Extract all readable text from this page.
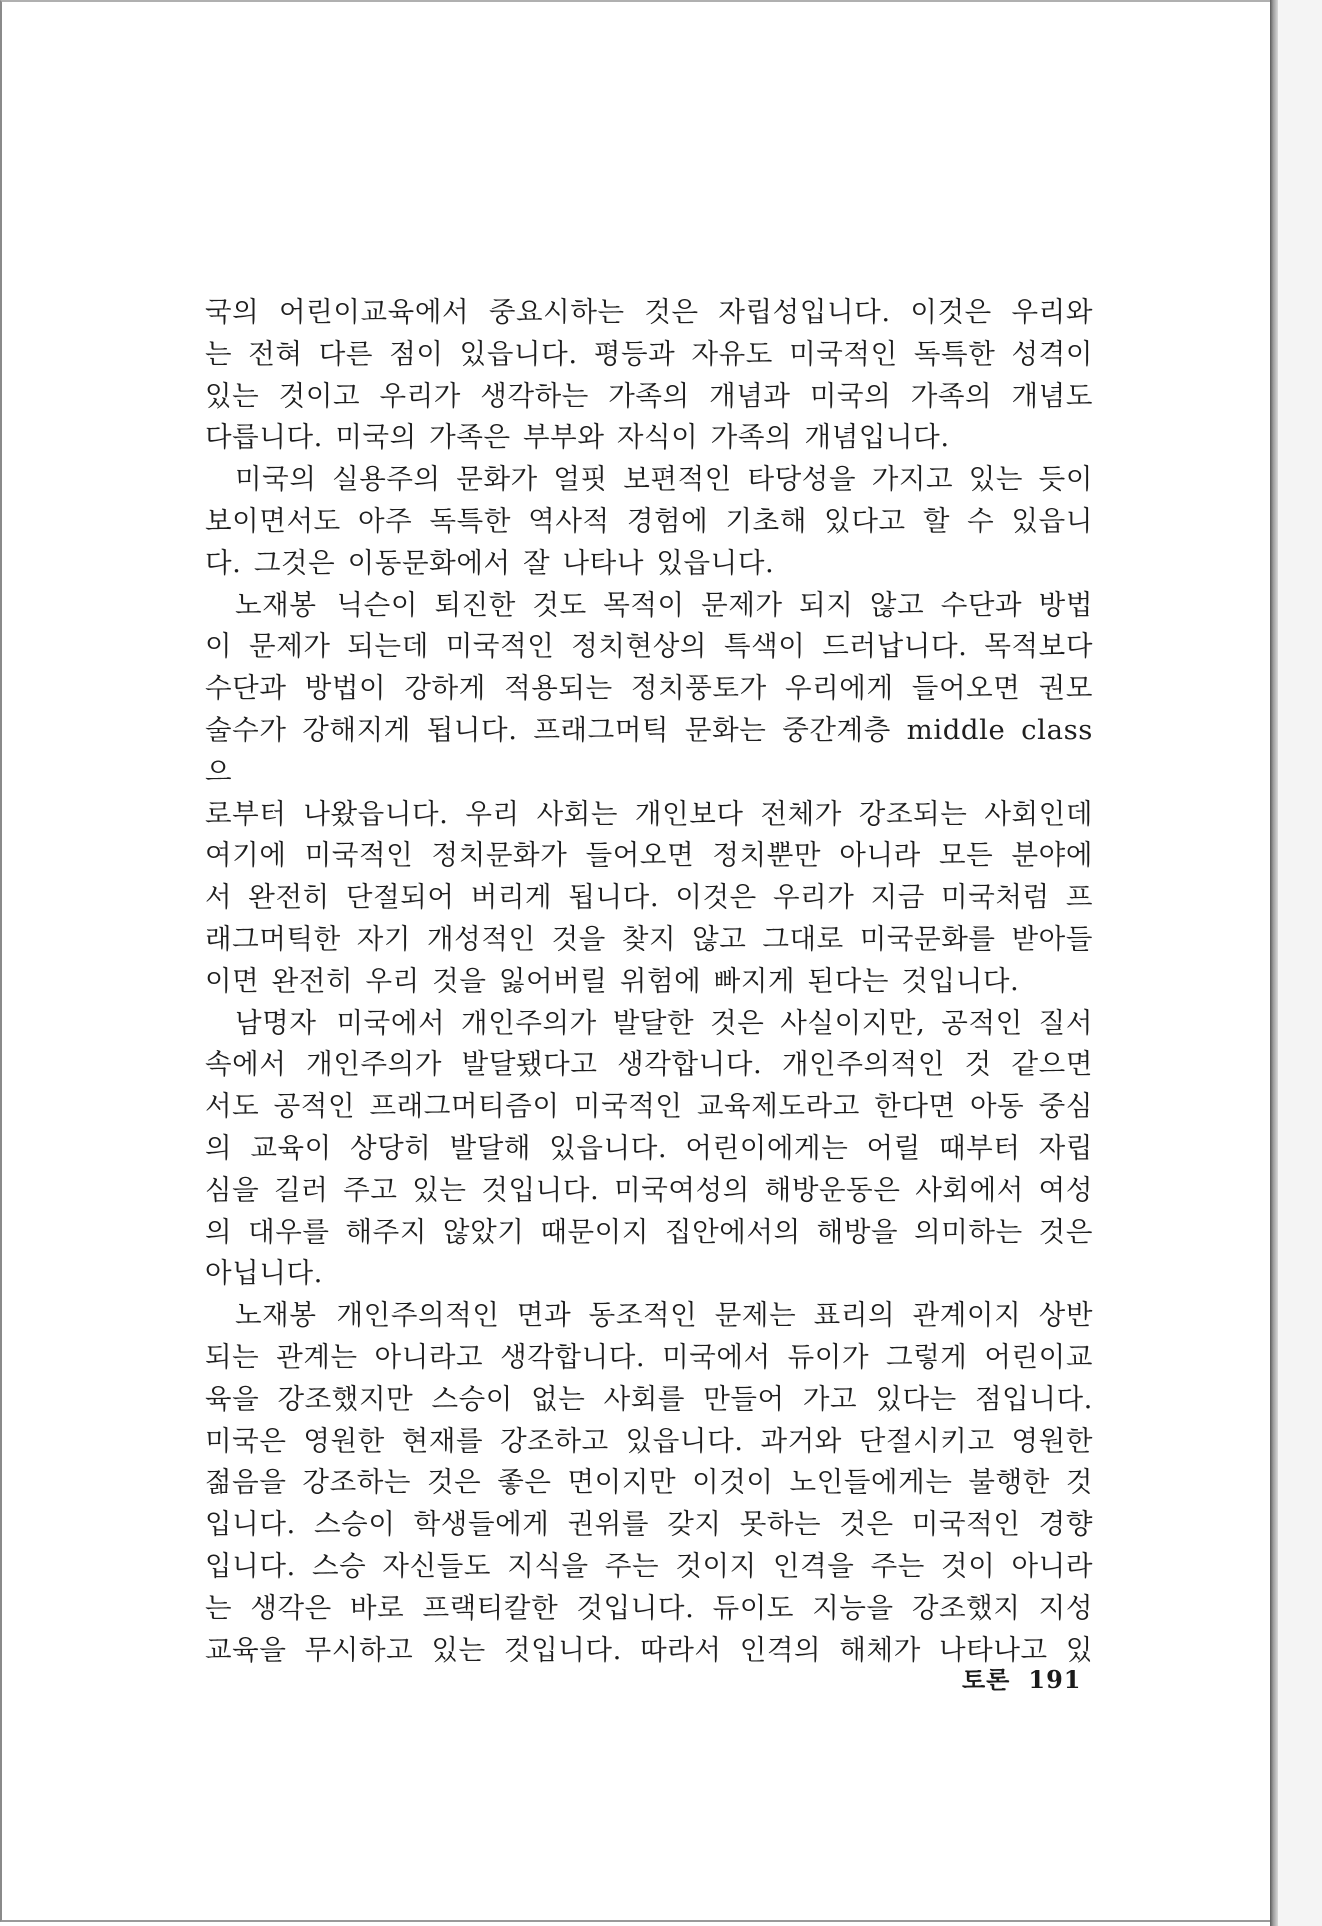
국의 어린이교육에서 중요시하는 것은 자립성입니다. 이것은 우리와
는 전혀 다른 점이 있읍니다. 평등과 자유도 미국적인 독특한 성격이
있는 것이고 우리가 생각하는 가족의 개념과 미국의 가족의 개념도
다릅니다. 미국의 가족은 부부와 자식이 가족의 개념입니다.

미국의 실용주의 문화가 얼핏 보편적인 타당성을 가지고 있는 듯이
보이면서도 아주 독특한 역사적 경험에 기초해 있다고 할 수 있읍니
다. 그것은 이동문화에서 잘 나타나 있읍니다.

노재봉 닉슨이 퇴진한 것도 목적이 문제가 되지 않고 수단과 방법
이 문제가 되는데 미국적인 정치현상의 특색이 드러납니다. 목적보다
수단과 방법이 강하게 적용되는 정치풍토가 우리에게 들어오면 권모
술수가 강해지게 됩니다. 프래그머틱 문화는 중간계층 middle class 으
로부터 나왔읍니다. 우리 사회는 개인보다 전체가 강조되는 사회인데
여기에 미국적인 정치문화가 들어오면 정치뿐만 아니라 모든 분야에
서 완전히 단절되어 버리게 됩니다. 이것은 우리가 지금 미국처럼 프
래그머틱한 자기 개성적인 것을 찾지 않고 그대로 미국문화를 받아들
이면 완전히 우리 것을 잃어버릴 위험에 빠지게 된다는 것입니다.

남명자 미국에서 개인주의가 발달한 것은 사실이지만, 공적인 질서
속에서 개인주의가 발달됐다고 생각합니다. 개인주의적인 것 같으면
서도 공적인 프래그머티즘이 미국적인 교육제도라고 한다면 아동 중심
의 교육이 상당히 발달해 있읍니다. 어린이에게는 어릴 때부터 자립
심을 길러 주고 있는 것입니다. 미국여성의 해방운동은 사회에서 여성
의 대우를 해주지 않았기 때문이지 집안에서의 해방을 의미하는 것은
아닙니다.

노재봉 개인주의적인 면과 동조적인 문제는 표리의 관계이지 상반
되는 관계는 아니라고 생각합니다. 미국에서 듀이가 그렇게 어린이교
육을 강조했지만 스승이 없는 사회를 만들어 가고 있다는 점입니다.
미국은 영원한 현재를 강조하고 있읍니다. 과거와 단절시키고 영원한
젊음을 강조하는 것은 좋은 면이지만 이것이 노인들에게는 불행한 것
입니다. 스승이 학생들에게 권위를 갖지 못하는 것은 미국적인 경향
입니다. 스승 자신들도 지식을 주는 것이지 인격을 주는 것이 아니라
는 생각은 바로 프랙티칼한 것입니다. 듀이도 지능을 강조했지 지성
교육을 무시하고 있는 것입니다. 따라서 인격의 해체가 나타나고 있

토론 191
